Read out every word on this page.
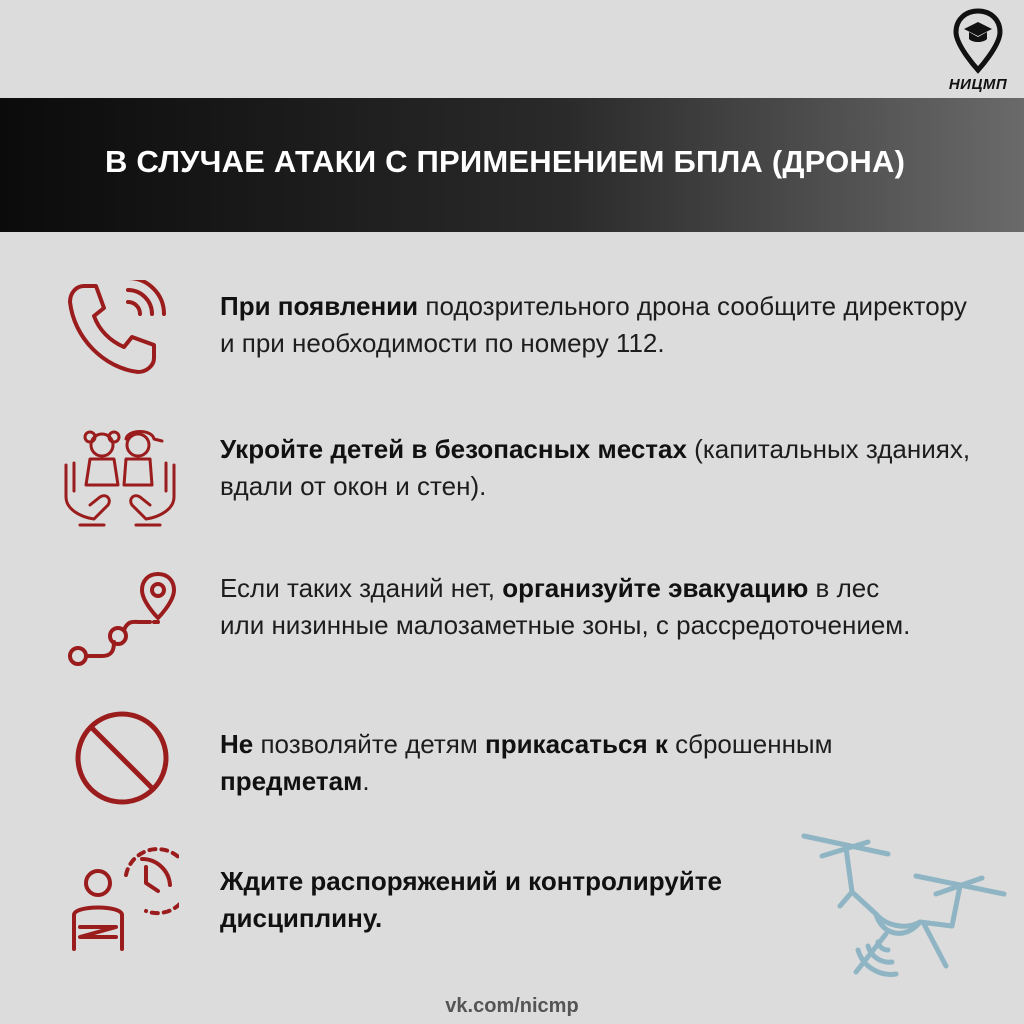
НИЦМП
В СЛУЧАЕ АТАКИ С ПРИМЕНЕНИЕМ БПЛА (ДРОНА)
При появлении подозрительного дрона сообщите директору и при необходимости по номеру 112.
Укройте детей в безопасных местах (капитальных зданиях, вдали от окон и стен).
Если таких зданий нет, организуйте эвакуацию в лес или низинные малозаметные зоны, с рассредоточением.
Не позволяйте детям прикасаться к сброшенным предметам.
Ждите распоряжений и контролируйте дисциплину.
vk.com/nicmp
